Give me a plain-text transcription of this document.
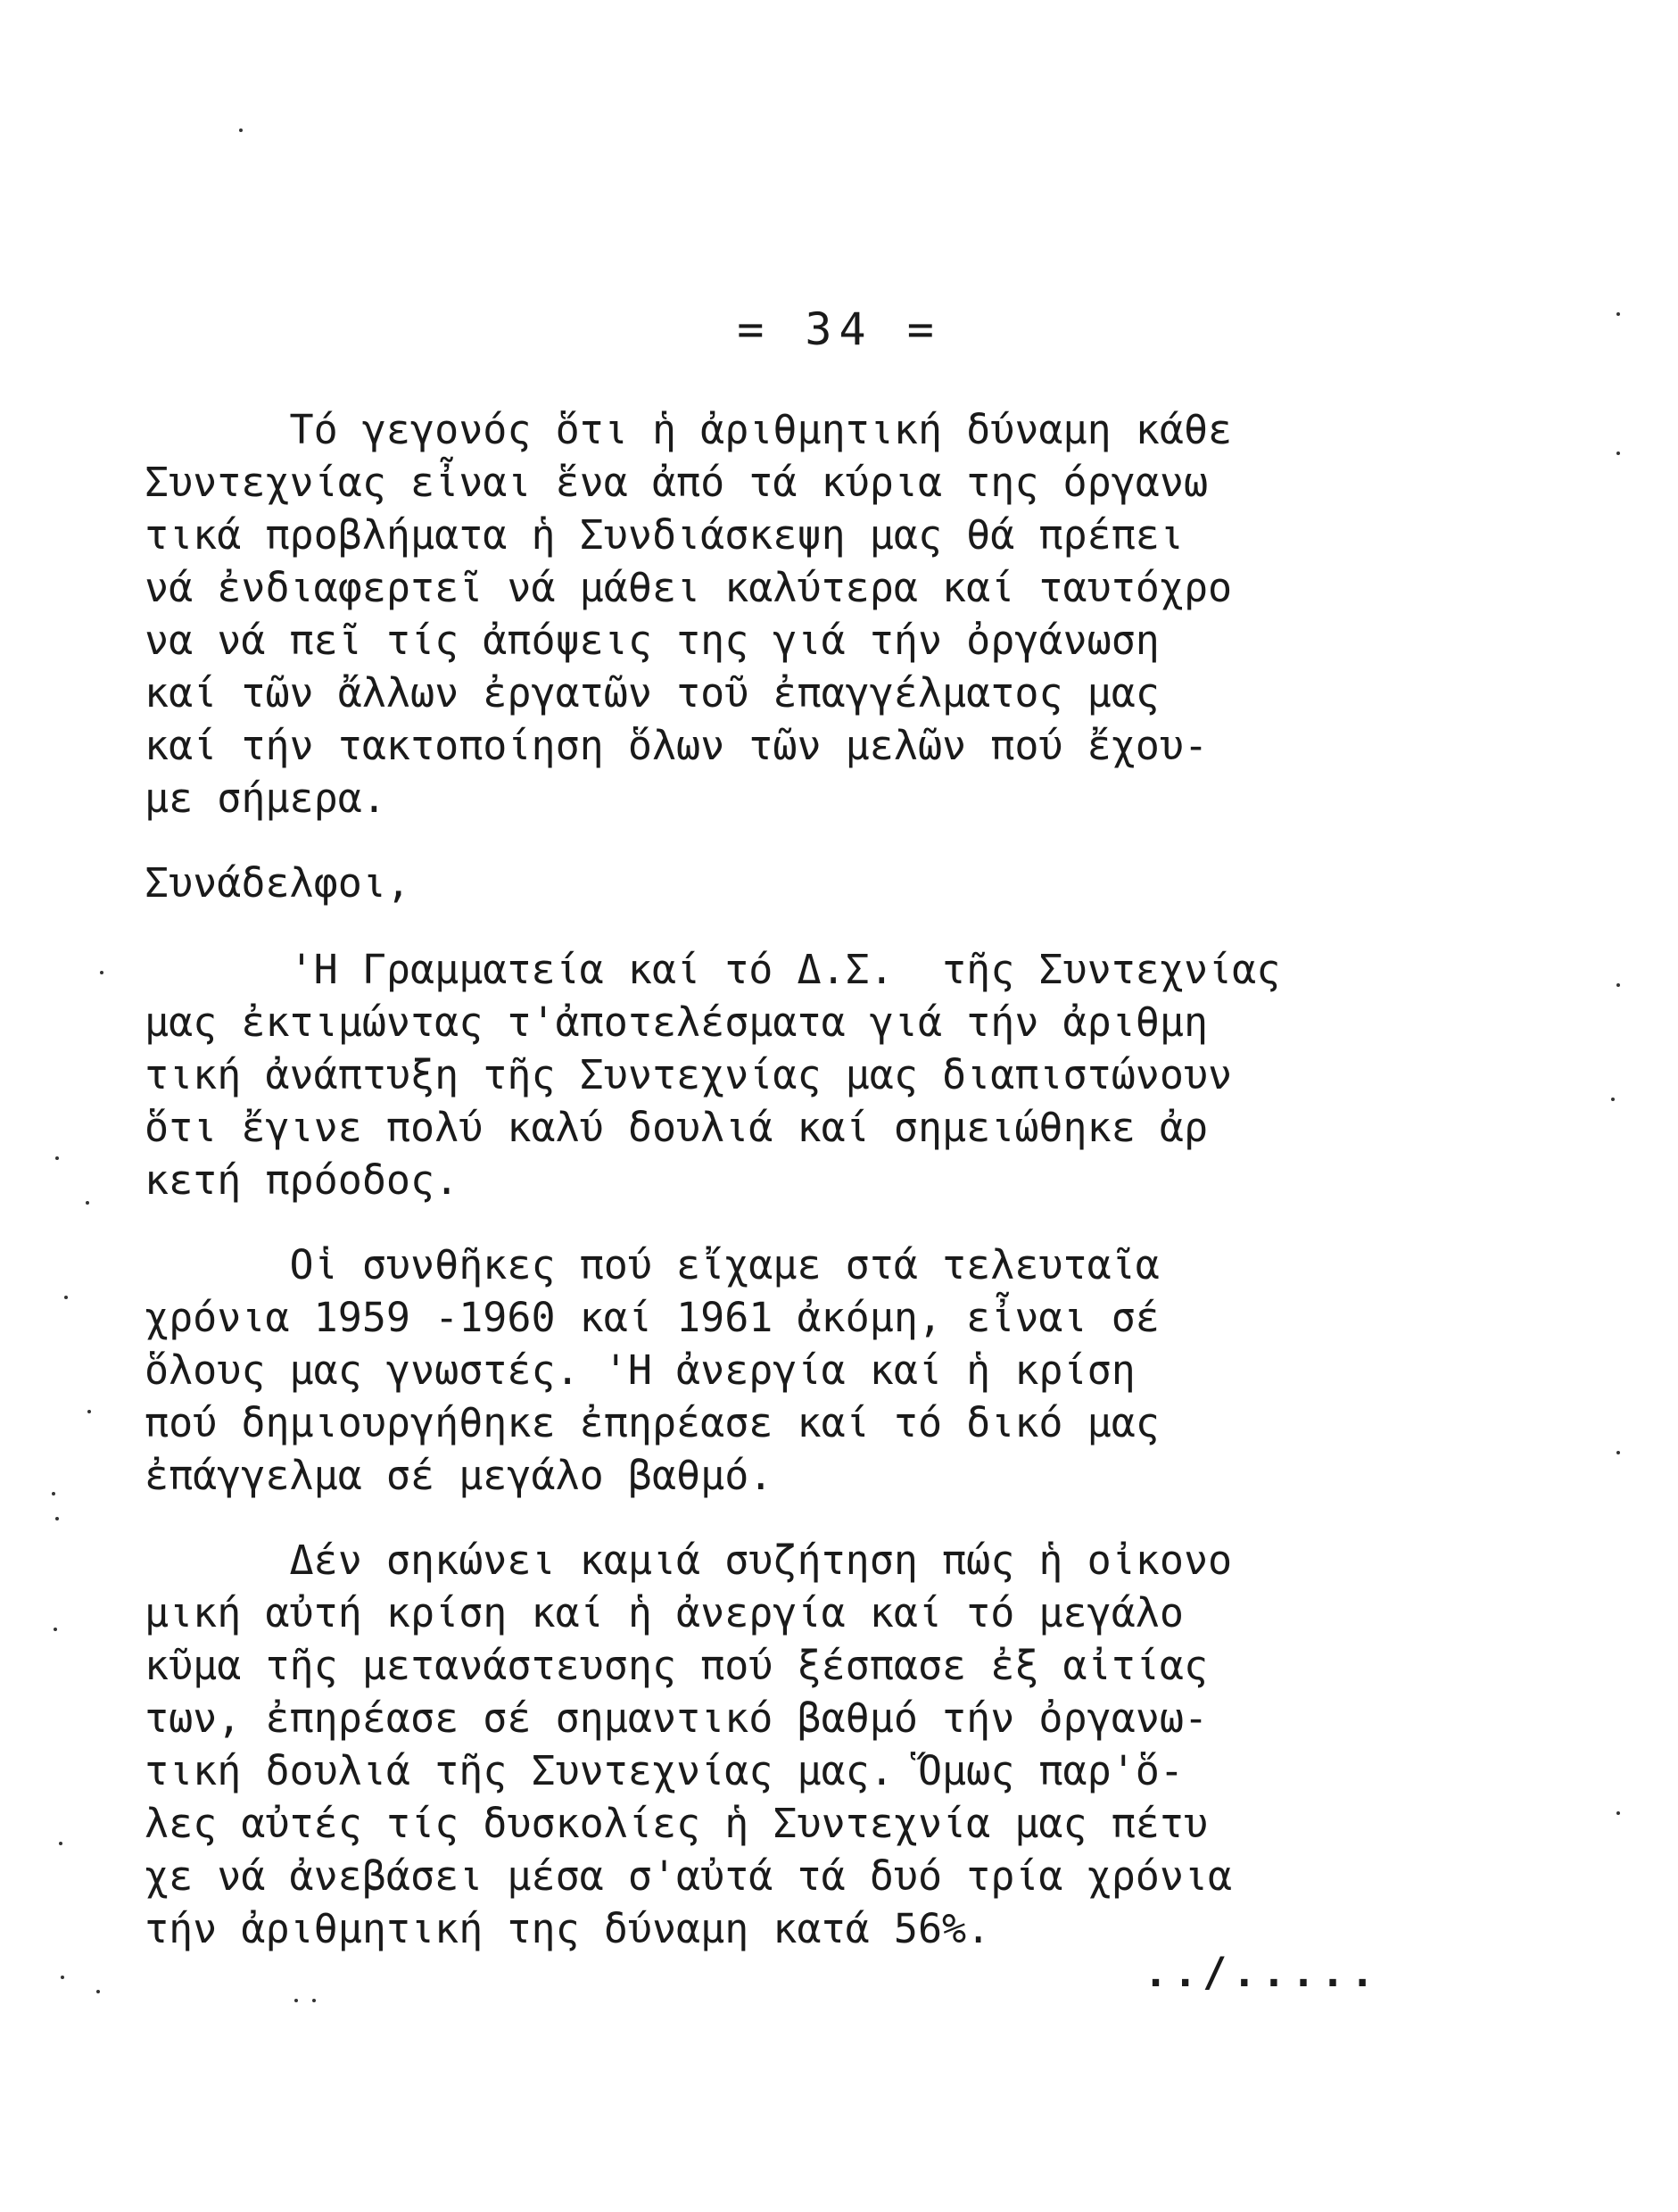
= 34 =
Τό γεγονός ὅτι ἡ ἀριθμητική δύναμη κάθε
Συντεχνίας εἶναι ἕνα ἀπό τά κύρια της όργανω
τικά προβλήματα ἡ Συνδιάσκεψη μας θά πρέπει
νά ἐνδιαφερτεῖ νά μάθει καλύτερα καί ταυτόχρο
να νά πεῖ τίς ἀπόψεις της γιά τήν ὀργάνωση
καί τῶν ἄλλων ἐργατῶν τοῦ ἐπαγγέλματος μας
καί τήν τακτοποίηση ὅλων τῶν μελῶν πού ἔχου-
με σήμερα.
Συνάδελφοι,
'Η Γραμματεία καί τό Δ.Σ.  τῆς Συντεχνίας
μας ἐκτιμώντας τ'ἀποτελέσματα γιά τήν ἀριθμη
τική ἀνάπτυξη τῆς Συντεχνίας μας διαπιστώνουν
ὅτι ἔγινε πολύ καλύ δουλιά καί σημειώθηκε ἀρ
κετή πρόοδος.
Οἱ συνθῆκες πού εἴχαμε στά τελευταῖα
χρόνια 1959 -1960 καί 1961 ἀκόμη, εἶναι σέ
ὅλους μας γνωστές. 'Η ἀνεργία καί ἡ κρίση
πού δημιουργήθηκε ἐπηρέασε καί τό δικό μας
ἐπάγγελμα σέ μεγάλο βαθμό.
Δέν σηκώνει καμιά συζήτηση πώς ἡ οἰκονο
μική αὐτή κρίση καί ἡ ἀνεργία καί τό μεγάλο
κῦμα τῆς μετανάστευσης πού ξέσπασε ἐξ αἰτίας
των, ἐπηρέασε σέ σημαντικό βαθμό τήν ὀργανω-
τική δουλιά τῆς Συντεχνίας μας. Ὅμως παρ'ὅ-
λες αὐτές τίς δυσκολίες ἡ Συντεχνία μας πέτυ
χε νά ἀνεβάσει μέσα σ'αὐτά τά δυό τρία χρόνια
τήν ἀριθμητική της δύναμη κατά 56%.
../.....
